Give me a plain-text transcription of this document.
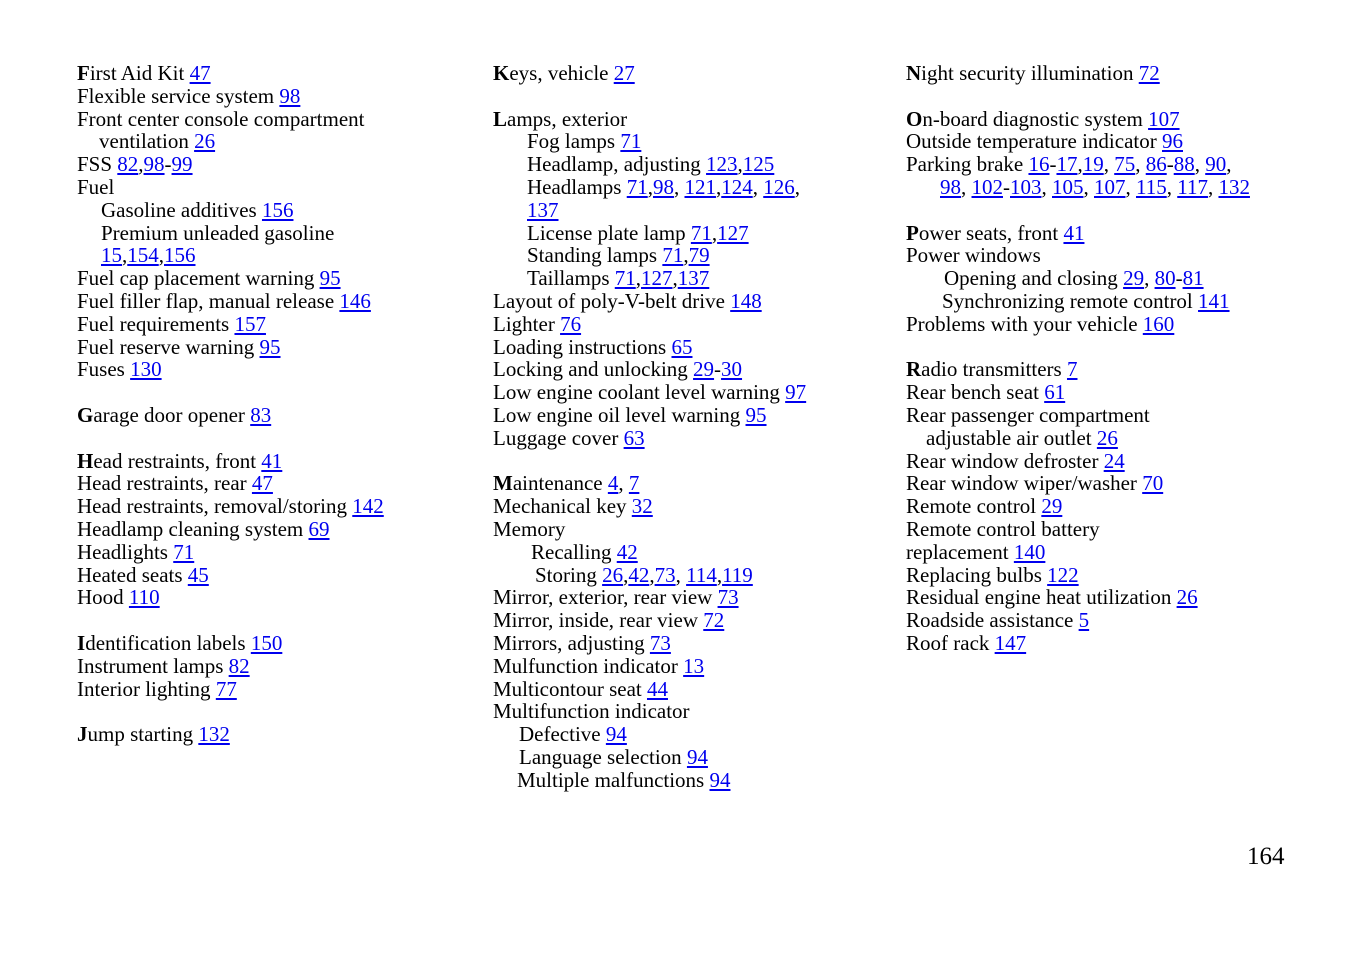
First Aid Kit 47
Flexible service system 98
Front center console compartment
ventilation 26
FSS 82,98-99
Fuel
Gasoline additives 156
Premium unleaded gasoline
15,154,156
Fuel cap placement warning 95
Fuel filler flap, manual release 146
Fuel requirements 157
Fuel reserve warning 95
Fuses 130
Garage door opener 83
Head restraints, front 41
Head restraints, rear 47
Head restraints, removal/storing 142
Headlamp cleaning system 69
Headlights 71
Heated seats 45
Hood 110
Identification labels 150
Instrument lamps 82
Interior lighting 77
Jump starting 132
Keys, vehicle 27
Lamps, exterior
Fog lamps 71
Headlamp, adjusting 123,125
Headlamps 71,98, 121,124, 126,
137
License plate lamp 71,127
Standing lamps 71,79
Taillamps 71,127,137
Layout of poly-V-belt drive 148
Lighter 76
Loading instructions 65
Locking and unlocking 29-30
Low engine coolant level warning 97
Low engine oil level warning 95
Luggage cover 63
Maintenance 4, 7
Mechanical key 32
Memory
Recalling 42
Storing 26,42,73, 114,119
Mirror, exterior, rear view 73
Mirror, inside, rear view 72
Mirrors, adjusting 73
Mulfunction indicator 13
Multicontour seat 44
Multifunction indicator
Defective 94
Language selection 94
Multiple malfunctions 94
Night security illumination 72
On-board diagnostic system 107
Outside temperature indicator 96
Parking brake 16-17,19, 75, 86-88, 90,
98, 102-103, 105, 107, 115, 117, 132
Power seats, front 41
Power windows
Opening and closing 29, 80-81
Synchronizing remote control 141
Problems with your vehicle 160
Radio transmitters 7
Rear bench seat 61
Rear passenger compartment
adjustable air outlet 26
Rear window defroster 24
Rear window wiper/washer 70
Remote control 29
Remote control battery
replacement 140
Replacing bulbs 122
Residual engine heat utilization 26
Roadside assistance 5
Roof rack 147
164
